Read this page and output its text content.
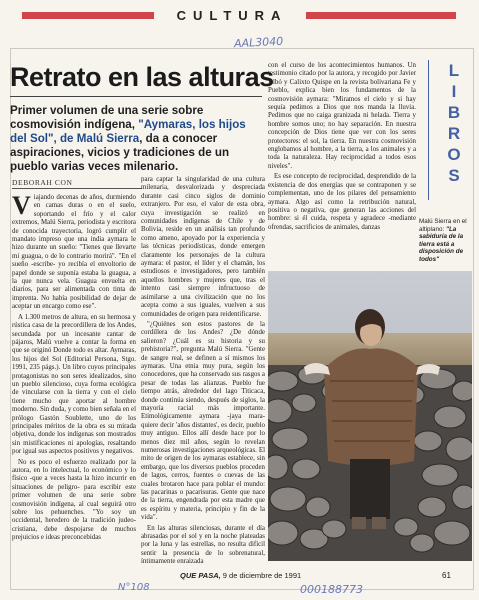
CULTURA
AAL3040
Retrato en las alturas
Primer volumen de una serie sobre cosmovisión indígena, "Aymaras, los hijos del Sol", de Malú Sierra, da a conocer aspiraciones, vicios y tradiciones de un pueblo varias veces milenario.
DEBORAH CON

Viajando decenas de años, durmiendo en camas duras o en el suelo, soportando el frío y el calor extremos, Malú Sierra, periodista y escritora de conocida trayectoria, logró cumplir el mandato impreso que una india aymara le hizo durante un sueño: "Tienes que llevarte mi guagua, o de lo contrario morirá". "En el sueño -escribe- yo recibía el envoltorio de papel donde se suponía estaba la guagua, a la que nunca vela. Guagua envuelta en diarios, para ser alimentada con tinta de imprenta. No había posibilidad de dejar de aceptar un encargo como ese".

A 1.300 metros de altura, en su hermosa y rústica casa de la precordillera de los Andes, secundada por un incesante cantar de pájaros, Malú vuelve a contar la forma en que se originó Donde todo es altar. Aymaras, los hijos del Sol (Editorial Persona, Stgo. 1991, 235 págs.). Un libro cuyos principales protagonistas no son seres idealizados, sino un pueblo silencioso, cuya forma ecológica de vincularse con la tierra y con el cielo tiene mucho que aportar al hombre moderno. Sin duda, y como bien señala en el prólogo Gastón Soublette, uno de los principales méritos de la obra es su mirada objetiva, donde los indígenas son mostrados sin mistificaciones ni apologías, resaltando por igual sus aspectos positivos y negativos.

No es poco el esfuerzo realizado por la autora, en lo intelectual, lo económico y lo físico -que a veces hasta la hizo incurrir en situaciones de peligro- para escribir este primer volumen de una serie sobre cosmovisión indígena, al cual seguirá otro sobre los pehuenches. "Yo soy un occidental, heredero de la tradición judeo-cristiana, debe despojarse de muchos prejuicios e ideas preconcebidas

para captar la singularidad de una cultura milenaria, desvalorizada y despreciada durante casi cinco siglos de dominio extranjero. Por eso, el valor de esta obra, cuya investigación se realizó en comunidades indígenas de Chile y de Bolivia, reside en un análisis tan profundo como ameno, apoyado por la experiencia y las técnicas periodísticas, donde emergen claramente los personajes de la cultura aymara: el pastor, el líder y el chamán, los estudiosos e investigadores, pero también aquellos hombres y mujeres que, tras el intento casi siempre infructuoso de asimilarse a una civilización que no los acepta como a sus iguales, vuelven a sus comunidades de origen para reidentificarse.

"¿Quiénes son estos pastores de la cordillera de los Andes? ¿De dónde salieron? ¿Cuál es su historia y su prehistoria?", pregunta Malú Sierra. "Gente de sangre real, se definen a sí mismos los aymaras. Una etnia muy pura, según los conocedores, que ha conservado sus rasgos a pesar de todas las alianzas. Pueblo fue tiempo atrás, alrededor del lago Titicaca, donde continúa siendo, después de siglos, la mayoría racial más importante. Etimológicamente aymara -jaya mara- quiere decir 'años distantes', es decir, pueblo muy antiguo. Ellos allí desde hace por lo menos diez mil años, según lo revelan numerosas investigaciones arqueológicas. El mito de origen de los aymaras establece, sin embargo, que los diversos pueblos proceden de lagos, cerros, fuentes o cuevas de las cuales brotaron hace para poblar el mundo: las pacarinas o pacarisuras. Gente que nace de la tierra, engendrada por esta madre que es espíritu y materia, principio y fin de la vida".

En las alturas silenciosas, durante el día abrasadas por el sol y en la noche plateadas por la luna y las estrellas, no resulta difícil sentir la presencia de lo sobrenatural, íntimamente enraizada

con el curso de los acontecimientos humanos. Un testimonio citado por la autora, y recogido por Javier Albó y Calixto Quispe en la revista bolivariana Fe y Pueblo, explica bien los fundamentos de la cosmovisión aymara: "Miramos el cielo y si hay sequía pedimos a Dios que nos manda la lluvia. Pedimos que no caiga granizada ni helada. Tierra y hombre somos uno; no hay separación. En nuestra concepción de Dios tiene que ver con los seres protectores: el sol, la tierra. En nuestra cosmovisión englobamos al hombre, a la tierra, a los animales y a toda la naturaleza. Hay reciprocidad a todos esos niveles".

Es ese concepto de reciprocidad, desprendido de la existencia de dos energías que se contraponen y se complementan, uno de los pilares del pensamiento aymara. Algo así como la retribución natural, positiva o negativa, que generan las acciones del hombre: si él cuida, respeta y agradece -mediante ofrendas, sacrificios de animales, danzas

L
I
B
R
O
S
Malú Sierra en el altiplano: "La sabiduría de la tierra está a disposición de todos"
QUE PASA, 9 de diciembre de 1991	61
N°108	000188773
